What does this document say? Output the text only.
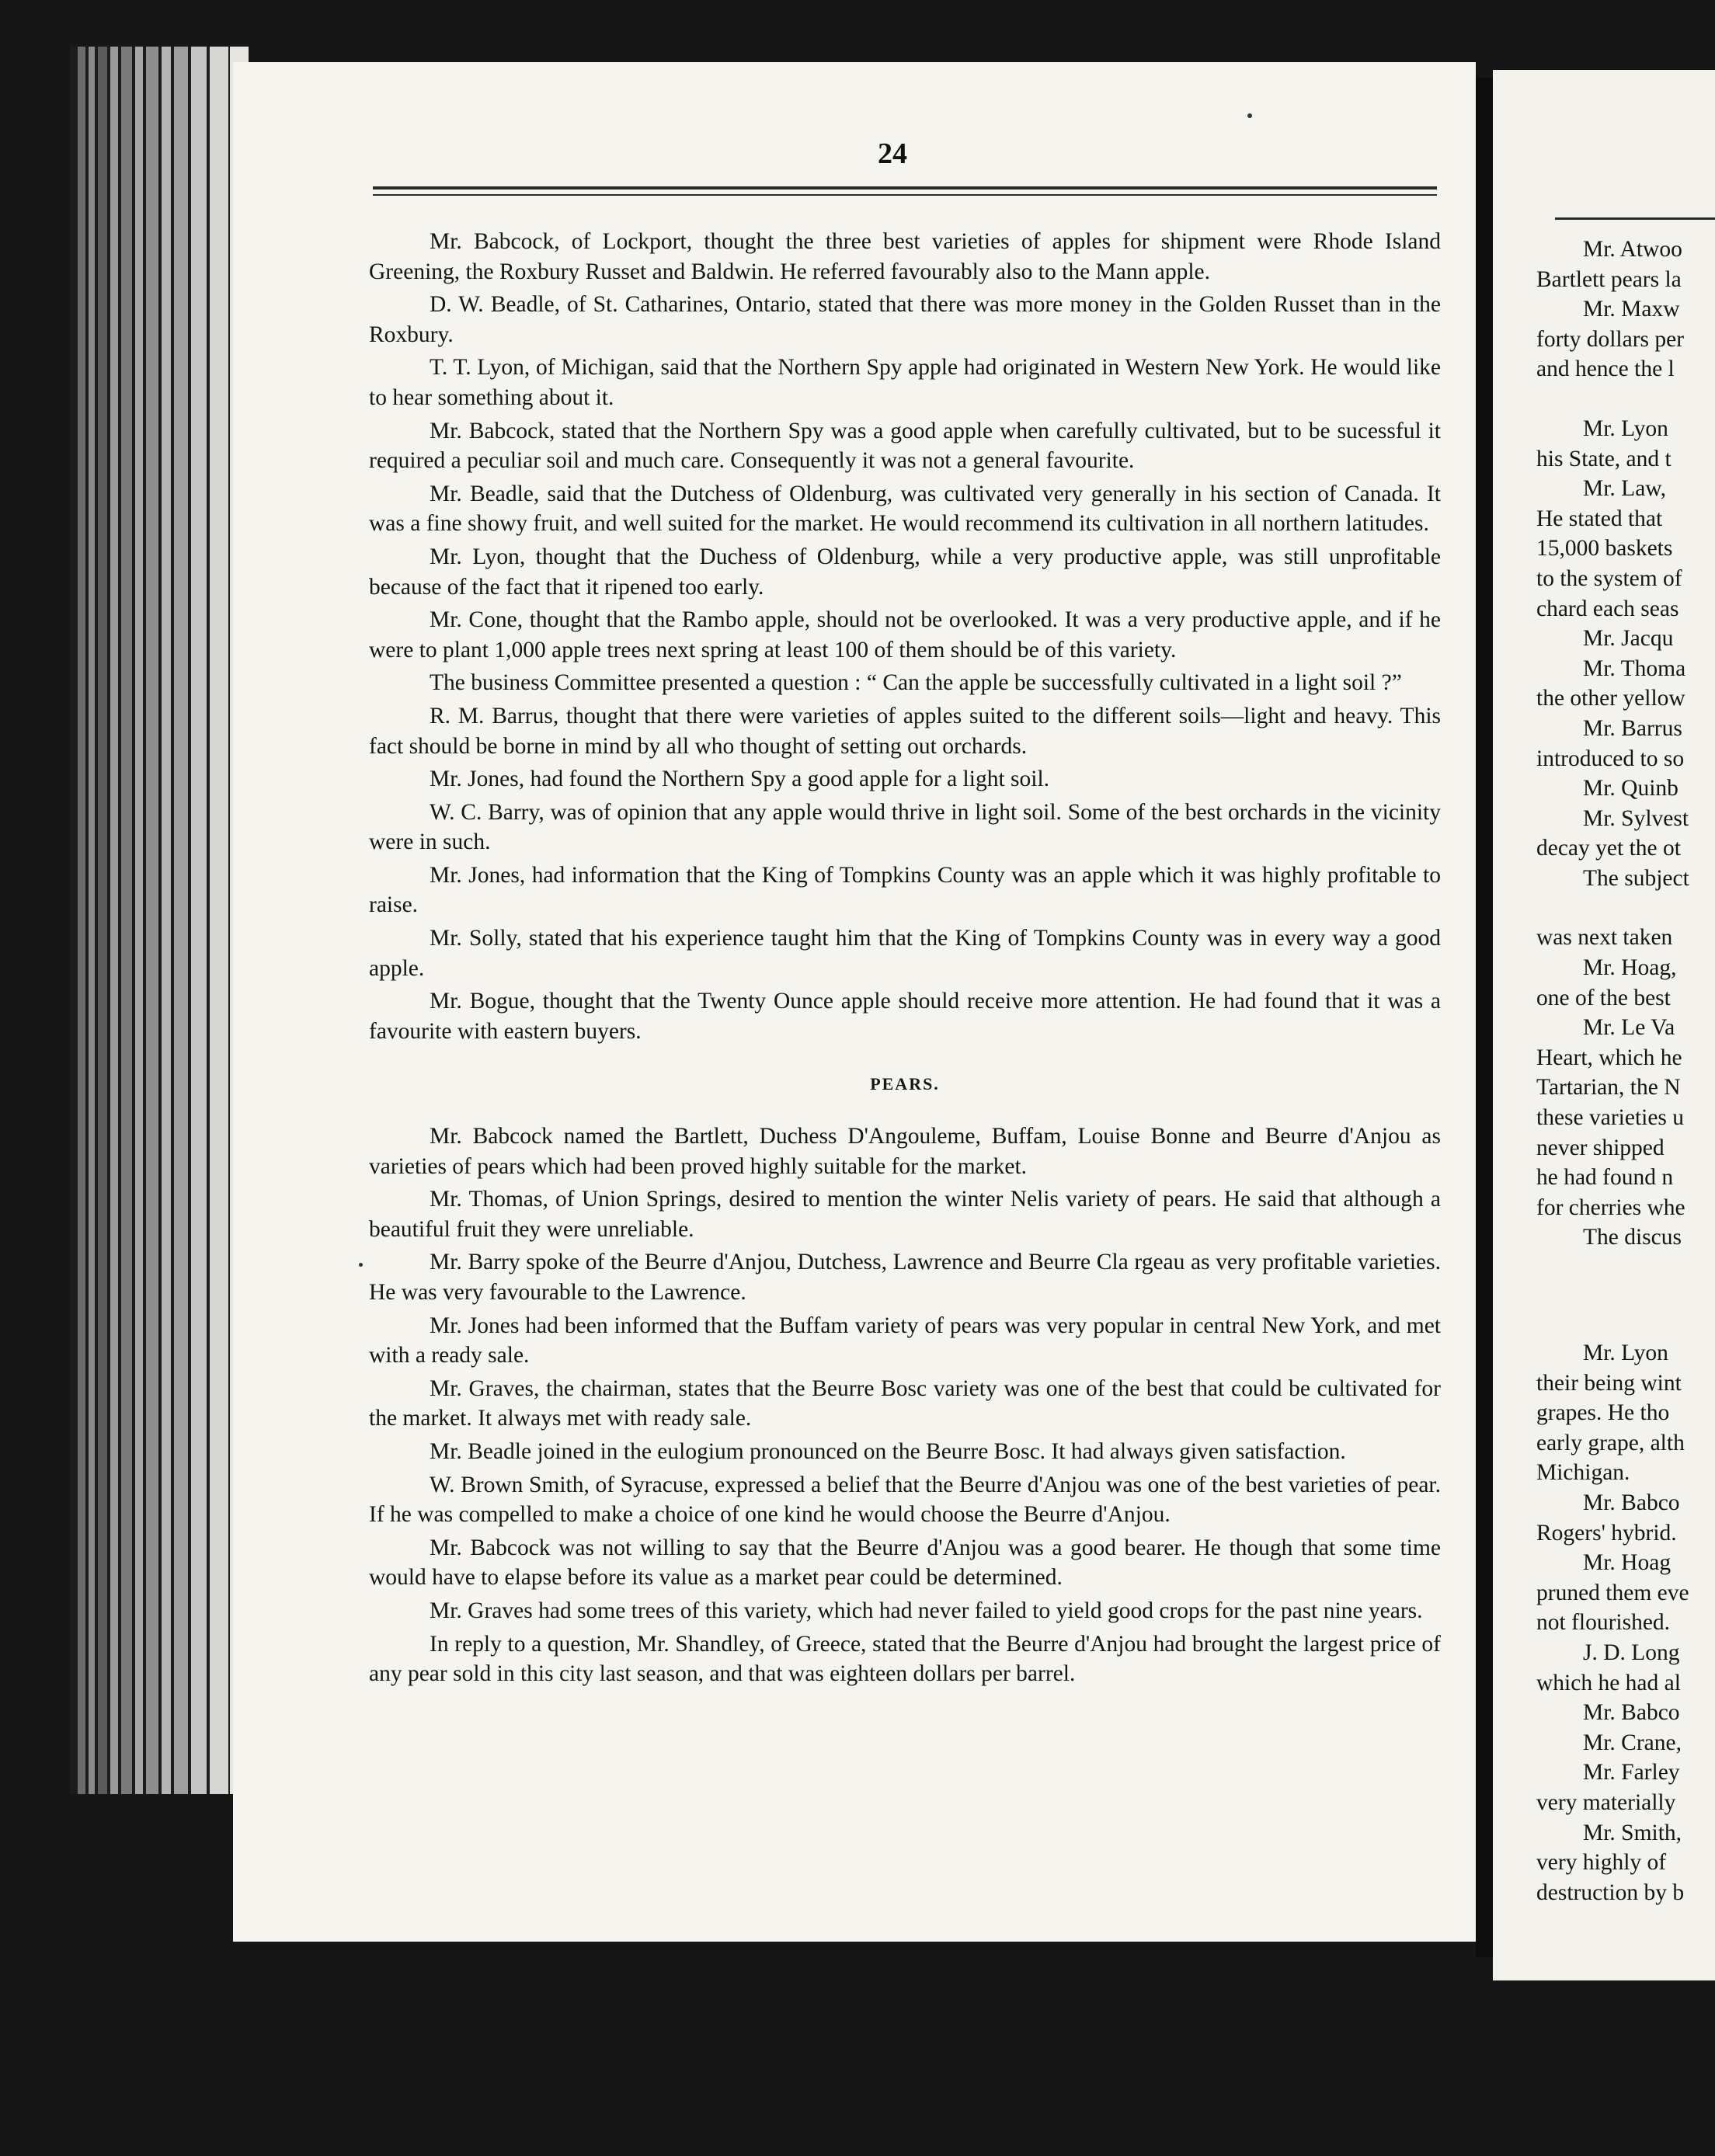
24

Mr. Babcock, of Lockport, thought the three best varieties of apples for shipment were Rhode Island Greening, the Roxbury Russet and Baldwin. He referred favourably also to the Mann apple.

D. W. Beadle, of St. Catharines, Ontario, stated that there was more money in the Golden Russet than in the Roxbury.

T. T. Lyon, of Michigan, said that the Northern Spy apple had originated in Western New York. He would like to hear something about it.

Mr. Babcock, stated that the Northern Spy was a good apple when carefully cultivated, but to be sucessful it required a peculiar soil and much care. Consequently it was not a general favourite.

Mr. Beadle, said that the Dutchess of Oldenburg, was cultivated very generally in his section of Canada. It was a fine showy fruit, and well suited for the market. He would recommend its cultivation in all northern latitudes.

Mr. Lyon, thought that the Duchess of Oldenburg, while a very productive apple, was still unprofitable because of the fact that it ripened too early.

Mr. Cone, thought that the Rambo apple, should not be overlooked. It was a very productive apple, and if he were to plant 1,000 apple trees next spring at least 100 of them should be of this variety.

The business Committee presented a question : “ Can the apple be successfully cultivated in a light soil ?”

R. M. Barrus, thought that there were varieties of apples suited to the different soils—light and heavy. This fact should be borne in mind by all who thought of setting out orchards.

Mr. Jones, had found the Northern Spy a good apple for a light soil.

W. C. Barry, was of opinion that any apple would thrive in light soil. Some of the best orchards in the vicinity were in such.

Mr. Jones, had information that the King of Tompkins County was an apple which it was highly profitable to raise.

Mr. Solly, stated that his experience taught him that the King of Tompkins County was in every way a good apple.

Mr. Bogue, thought that the Twenty Ounce apple should receive more attention. He had found that it was a favourite with eastern buyers.

PEARS.

Mr. Babcock named the Bartlett, Duchess D'Angouleme, Buffam, Louise Bonne and Beurre d'Anjou as varieties of pears which had been proved highly suitable for the market.

Mr. Thomas, of Union Springs, desired to mention the winter Nelis variety of pears. He said that although a beautiful fruit they were unreliable.

Mr. Barry spoke of the Beurre d'Anjou, Dutchess, Lawrence and Beurre Cla rgeau as very profitable varieties. He was very favourable to the Lawrence.

Mr. Jones had been informed that the Buffam variety of pears was very popular in central New York, and met with a ready sale.

Mr. Graves, the chairman, states that the Beurre Bosc variety was one of the best that could be cultivated for the market. It always met with ready sale.

Mr. Beadle joined in the eulogium pronounced on the Beurre Bosc. It had always given satisfaction.

W. Brown Smith, of Syracuse, expressed a belief that the Beurre d'Anjou was one of the best varieties of pear. If he was compelled to make a choice of one kind he would choose the Beurre d'Anjou.

Mr. Babcock was not willing to say that the Beurre d'Anjou was a good bearer. He though that some time would have to elapse before its value as a market pear could be determined.

Mr. Graves had some trees of this variety, which had never failed to yield good crops for the past nine years.

In reply to a question, Mr. Shandley, of Greece, stated that the Beurre d'Anjou had brought the largest price of any pear sold in this city last season, and that was eighteen dollars per barrel.

Mr. Atwoo
Bartlett pears la
Mr. Maxw
forty dollars per
and hence the l
Mr. Lyon
his State, and t
Mr. Law,
He stated that
15,000 baskets
to the system of
chard each seas
Mr. Jacqu
Mr. Thoma
the other yellow
Mr. Barrus
introduced to so
Mr. Quinb
Mr. Sylvest
decay yet the ot
The subject
was next taken
Mr. Hoag,
one of the best
Mr. Le Va
Heart, which he
Tartarian, the N
these varieties u
never shipped
he had found n
for cherries whe
The discus
Mr. Lyon
their being wint
grapes. He tho
early grape, alth
Michigan.
Mr. Babco
Rogers' hybrid.
Mr. Hoag
pruned them eve
not flourished.
J. D. Long
which he had al
Mr. Babco
Mr. Crane,
Mr. Farley
very materially
Mr. Smith,
very highly of
destruction by b
